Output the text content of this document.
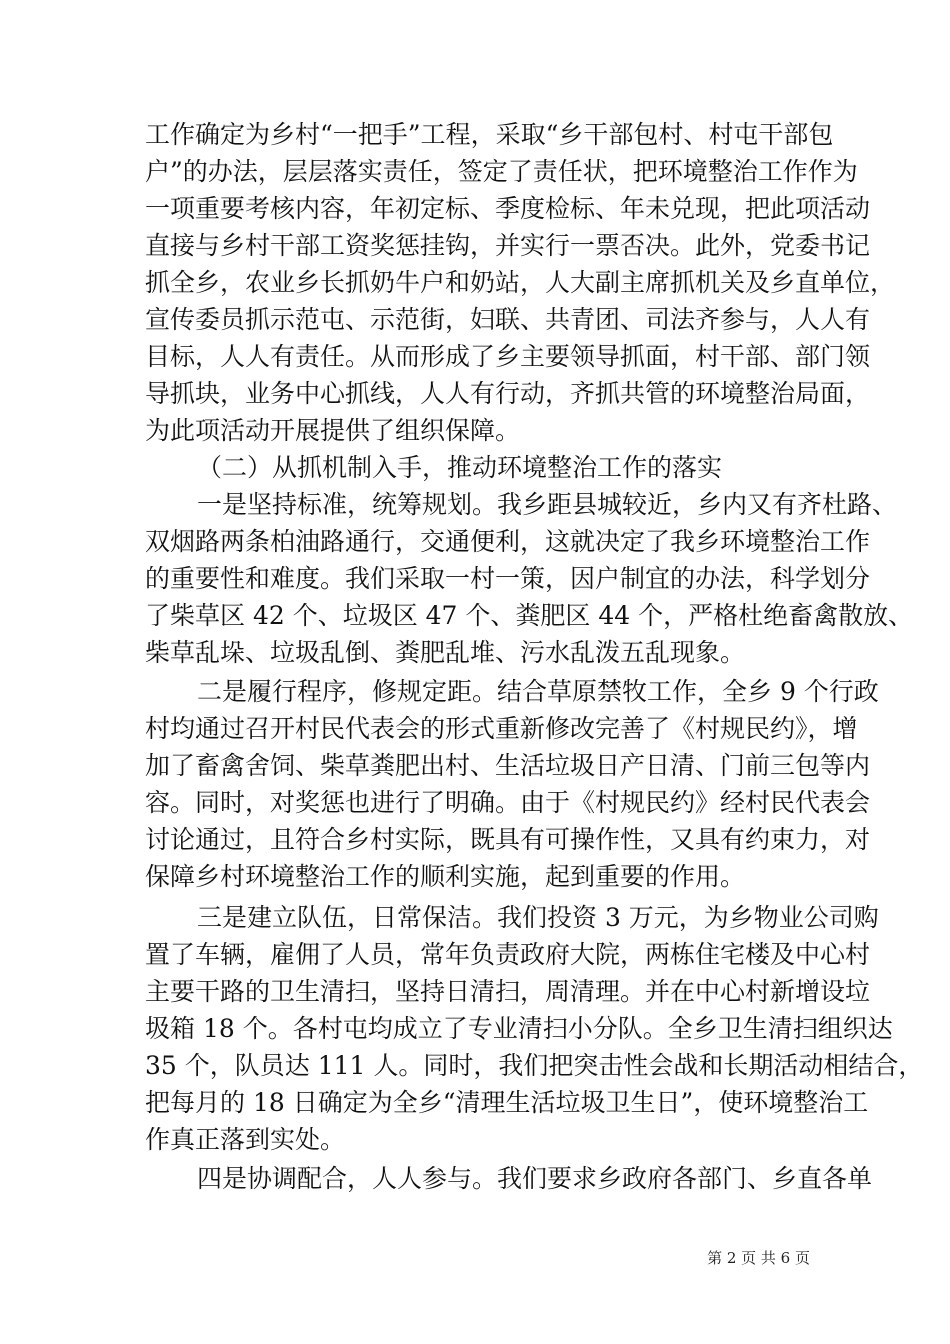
工作确定为乡村“一把手”工程，采取“乡干部包村、村屯干部包
户”的办法，层层落实责任，签定了责任状，把环境整治工作作为
一项重要考核内容，年初定标、季度检标、年未兑现，把此项活动
直接与乡村干部工资奖惩挂钩，并实行一票否决。此外，党委书记
抓全乡，农业乡长抓奶牛户和奶站，人大副主席抓机关及乡直单位，
宣传委员抓示范屯、示范街，妇联、共青团、司法齐参与，人人有
目标，人人有责任。从而形成了乡主要领导抓面，村干部、部门领
导抓块，业务中心抓线，人人有行动，齐抓共管的环境整治局面，
为此项活动开展提供了组织保障。
（二）从抓机制入手，推动环境整治工作的落实
一是坚持标准，统筹规划。我乡距县城较近，乡内又有齐杜路、
双烟路两条柏油路通行，交通便利，这就决定了我乡环境整治工作
的重要性和难度。我们采取一村一策，因户制宜的办法，科学划分
了柴草区 42 个、垃圾区 47 个、粪肥区 44 个，严格杜绝畜禽散放、
柴草乱垛、垃圾乱倒、粪肥乱堆、污水乱泼五乱现象。
二是履行程序，修规定距。结合草原禁牧工作，全乡 9 个行政
村均通过召开村民代表会的形式重新修改完善了《村规民约》，增
加了畜禽舍饲、柴草粪肥出村、生活垃圾日产日清、门前三包等内
容。同时，对奖惩也进行了明确。由于《村规民约》经村民代表会
讨论通过，且符合乡村实际，既具有可操作性，又具有约束力，对
保障乡村环境整治工作的顺利实施，起到重要的作用。
三是建立队伍，日常保洁。我们投资 3 万元，为乡物业公司购
置了车辆，雇佣了人员，常年负责政府大院，两栋住宅楼及中心村
主要干路的卫生清扫，坚持日清扫，周清理。并在中心村新增设垃
圾箱 18 个。各村屯均成立了专业清扫小分队。全乡卫生清扫组织达
35 个，队员达 111 人。同时，我们把突击性会战和长期活动相结合，
把每月的 18 日确定为全乡“清理生活垃圾卫生日”，使环境整治工
作真正落到实处。
四是协调配合，人人参与。我们要求乡政府各部门、乡直各单
第 2 页 共 6 页
